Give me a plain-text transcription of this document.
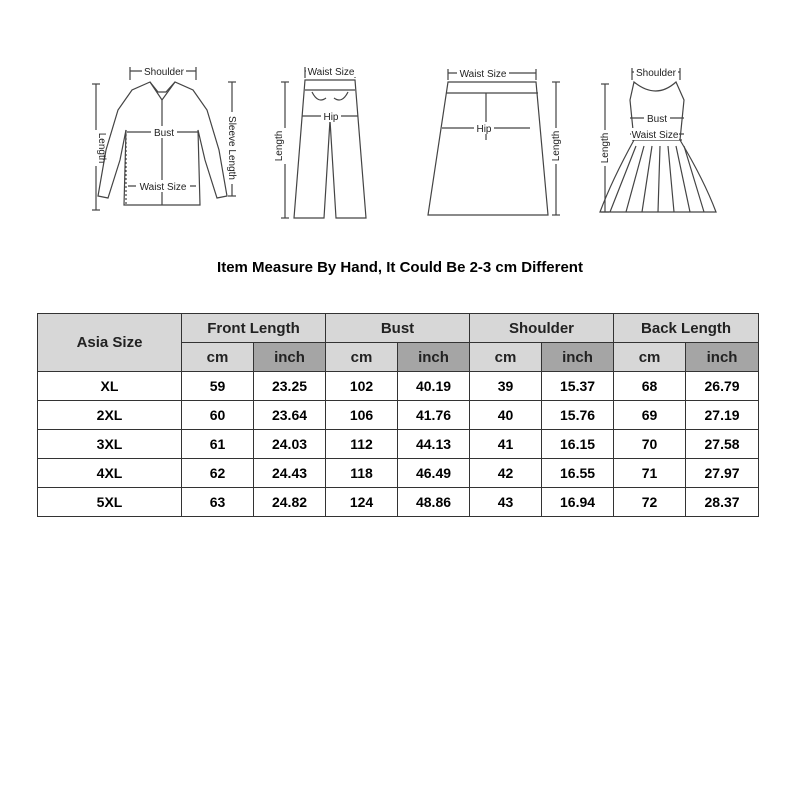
Shoulder
Bust
Waist Size
Length	Sleeve Length
Waist Size
Hip
Length
Waist Size
Hip
Length
Shoulder
Bust
Waist Size
Length
Item Measure By Hand, It Could Be 2-3 cm Different
Asia Size	Front Length		Bust		Shoulder		Back Length	
	cm	inch	cm	inch	cm	inch	cm	inch
XL	59	23.25	102	40.19	39	15.37	68	26.79
2XL	60	23.64	106	41.76	40	15.76	69	27.19
3XL	61	24.03	112	44.13	41	16.15	70	27.58
4XL	62	24.43	118	46.49	42	16.55	71	27.97
5XL	63	24.82	124	48.86	43	16.94	72	28.37
